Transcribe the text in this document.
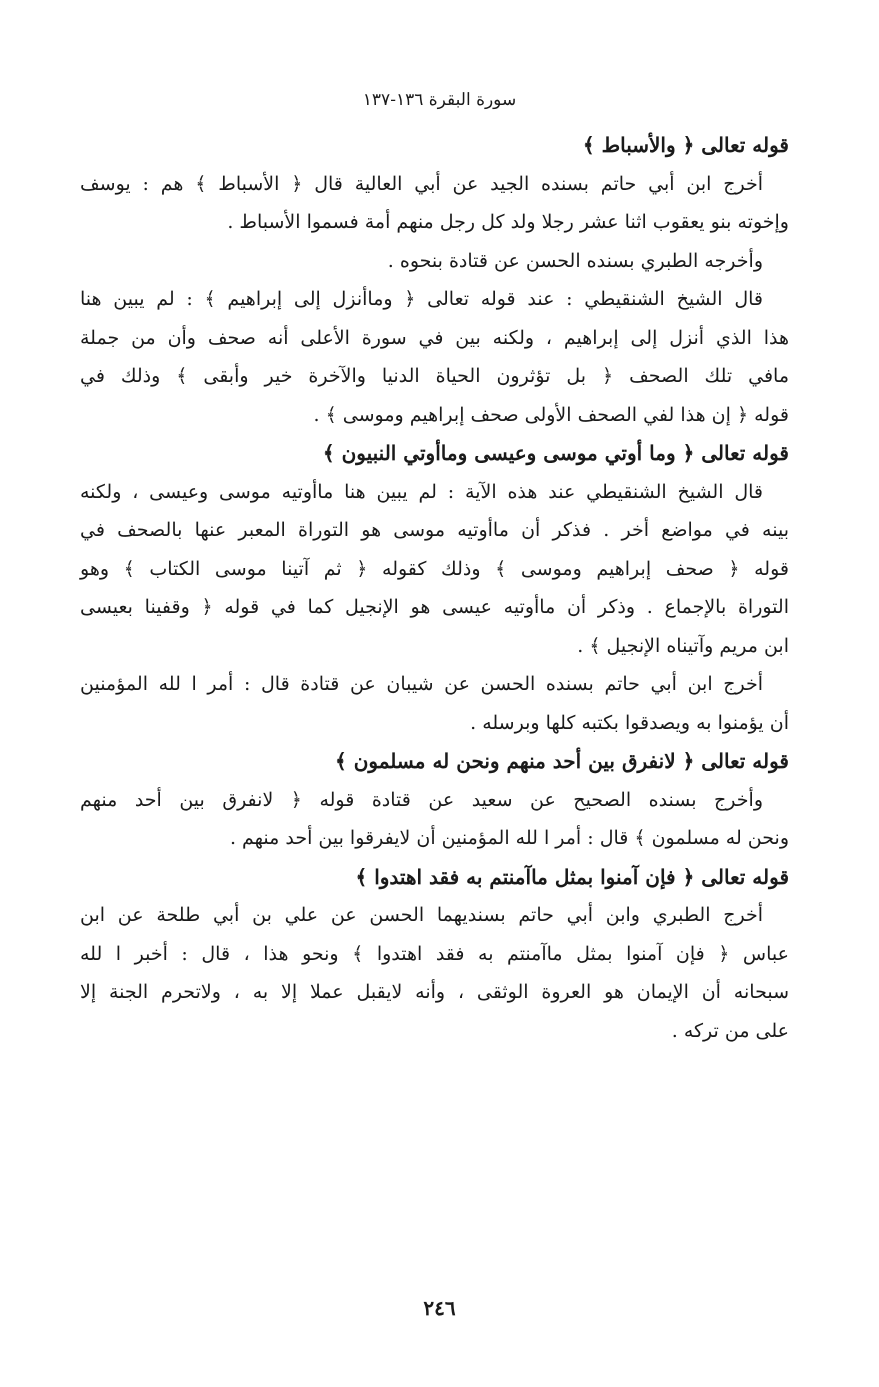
سورة البقرة ١٣٦-١٣٧
قوله تعالى ﴿ والأسباط ﴾
أخرج ابن أبي حاتم بسنده الجيد عن أبي العالية قال ﴿ الأسباط ﴾ هم : يوسف
وإخوته بنو يعقوب اثنا عشر رجلا ولد كل رجل منهم أمة فسموا الأسباط .
وأخرجه الطبري بسنده الحسن عن قتادة بنحوه .
قال الشيخ الشنقيطي : عند قوله تعالى ﴿ وماأنزل إلى إبراهيم ﴾ : لم يبين هنا
هذا الذي أنزل إلى إبراهيم ، ولكنه بين في سورة الأعلى أنه صحف وأن من جملة
مافي تلك الصحف ﴿ بل تؤثرون الحياة الدنيا والآخرة خير وأبقى ﴾ وذلك في
قوله ﴿ إن هذا لفي الصحف الأولى صحف إبراهيم وموسى ﴾ .
قوله تعالى ﴿ وما أوتي موسى وعيسى وماأوتي النبيون ﴾
قال الشيخ الشنقيطي عند هذه الآية : لم يبين هنا ماأوتيه موسى وعيسى ، ولكنه
بينه في مواضع أخر . فذكر أن ماأوتيه موسى هو التوراة المعبر عنها بالصحف في
قوله ﴿ صحف إبراهيم وموسى ﴾ وذلك كقوله ﴿ ثم آتينا موسى الكتاب ﴾ وهو
التوراة بالإجماع . وذكر أن ماأوتيه عيسى هو الإنجيل كما في قوله ﴿ وقفينا بعيسى
ابن مريم وآتيناه الإنجيل ﴾ .
أخرج ابن أبي حاتم بسنده الحسن عن شيبان عن قتادة قال : أمر ا لله المؤمنين
أن يؤمنوا به ويصدقوا بكتبه كلها وبرسله .
قوله تعالى ﴿ لانفرق بين أحد منهم ونحن له مسلمون ﴾
وأخرج بسنده الصحيح عن سعيد عن قتادة قوله ﴿ لانفرق بين أحد منهم
ونحن له مسلمون ﴾ قال : أمر ا لله المؤمنين أن لايفرقوا بين أحد منهم .
قوله تعالى ﴿ فإن آمنوا بمثل ماآمنتم به فقد اهتدوا ﴾
أخرج الطبري وابن أبي حاتم بسنديهما الحسن عن علي بن أبي طلحة عن ابن
عباس ﴿ فإن آمنوا بمثل ماآمنتم به فقد اهتدوا ﴾ ونحو هذا ، قال : أخبر ا لله
سبحانه أن الإيمان هو العروة الوثقى ، وأنه لايقبل عملا إلا به ، ولاتحرم الجنة إلا
على من تركه .
٢٤٦
